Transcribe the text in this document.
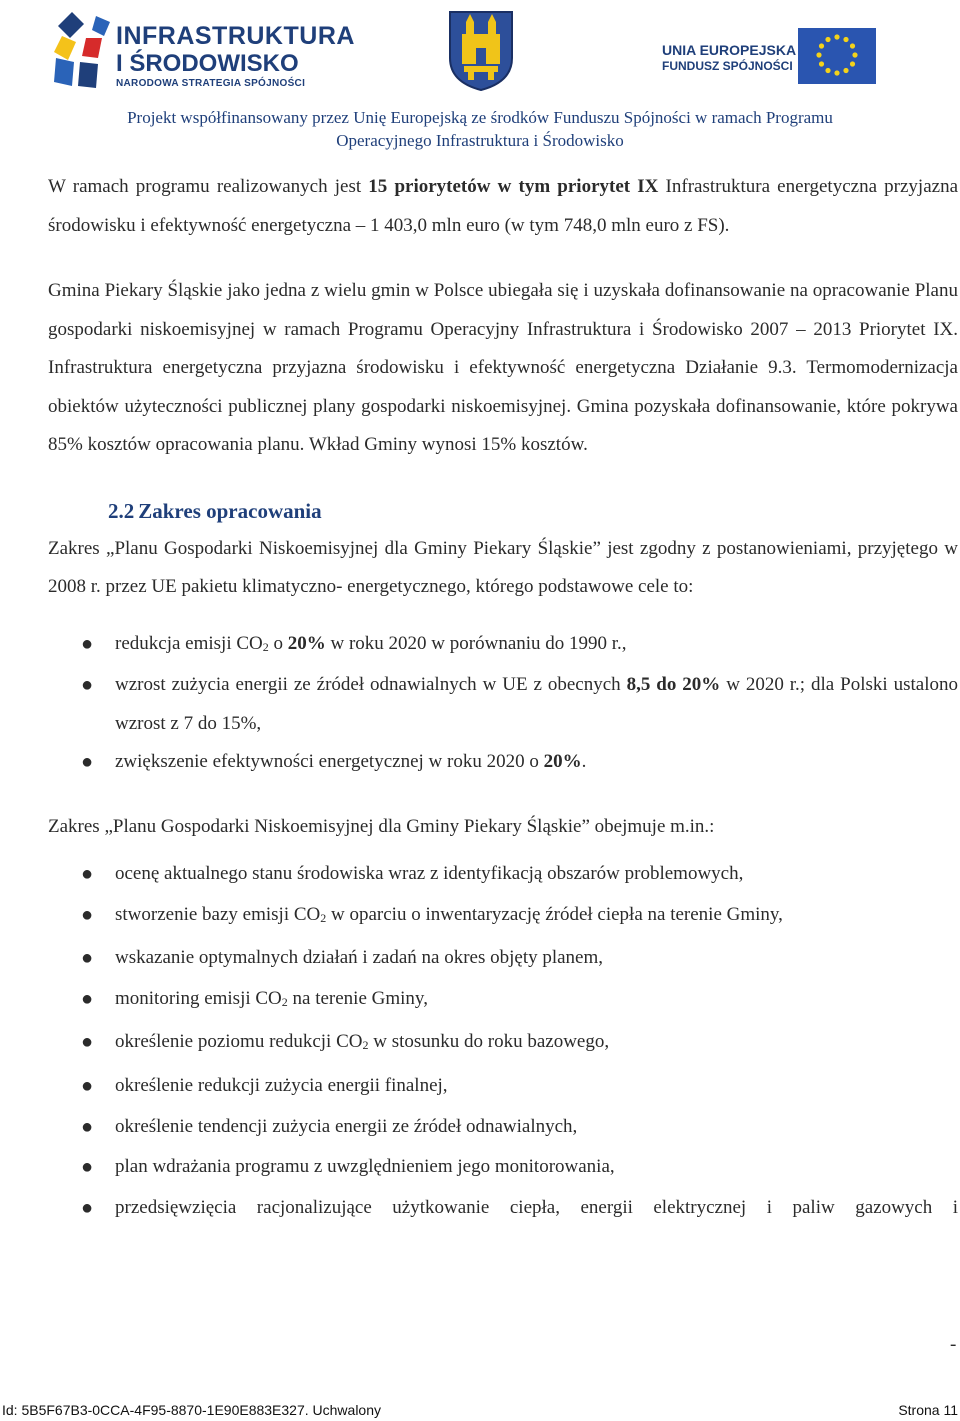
INFRASTRUKTURA
I ŚRODOWISKO
NARODOWA STRATEGIA SPÓJNOŚCI
UNIA EUROPEJSKA
FUNDUSZ SPÓJNOŚCI
Projekt współfinansowany przez Unię Europejską ze środków Funduszu Spójności w ramach Programu
Operacyjnego Infrastruktura i Środowisko

W ramach programu realizowanych jest 15 priorytetów w tym priorytet IX Infrastruktura energetyczna przyjazna środowisku i efektywność energetyczna – 1 403,0 mln euro (w tym 748,0 mln euro z FS).

Gmina Piekary Śląskie jako jedna z wielu gmin w Polsce ubiegała się i uzyskała dofinansowanie na opracowanie Planu gospodarki niskoemisyjnej w ramach Programu Operacyjny Infrastruktura i Środowisko 2007 – 2013 Priorytet IX. Infrastruktura energetyczna przyjazna środowisku i efektywność energetyczna Działanie 9.3. Termomodernizacja obiektów użyteczności publicznej plany gospodarki niskoemisyjnej. Gmina pozyskała dofinansowanie, które pokrywa 85% kosztów opracowania planu. Wkład Gminy wynosi 15% kosztów.

2.2 Zakres opracowania

Zakres „Planu Gospodarki Niskoemisyjnej dla Gminy Piekary Śląskie” jest zgodny z postanowieniami, przyjętego w 2008 r. przez UE pakietu klimatyczno- energetycznego, którego podstawowe cele to:

● redukcja emisji $CO_2$ o 20% w roku 2020 w porównaniu do 1990 r.,
● wzrost zużycia energii ze źródeł odnawialnych w UE z obecnych 8,5 do 20% w 2020 r.; dla Polski ustalono wzrost z 7 do 15%,
● zwiększenie efektywności energetycznej w roku 2020 o 20%.

Zakres „Planu Gospodarki Niskoemisyjnej dla Gminy Piekary Śląskie” obejmuje m.in.:

● ocenę aktualnego stanu środowiska wraz z identyfikacją obszarów problemowych,
● stworzenie bazy emisji $CO_2$ w oparciu o inwentaryzację źródeł ciepła na terenie Gminy,
● wskazanie optymalnych działań i zadań na okres objęty planem,
● monitoring emisji $CO_2$ na terenie Gminy,
● określenie poziomu redukcji $CO_2$ w stosunku do roku bazowego,
● określenie redukcji zużycia energii finalnej,
● określenie tendencji zużycia energii ze źródeł odnawialnych,
● plan wdrażania programu z uwzględnieniem jego monitorowania,
● przedsięwzięcia racjonalizujące użytkowanie ciepła, energii elektrycznej i paliw gazowych i
-
Id: 5B5F67B3-0CCA-4F95-8870-1E90E883E327. Uchwalony	Strona 11
